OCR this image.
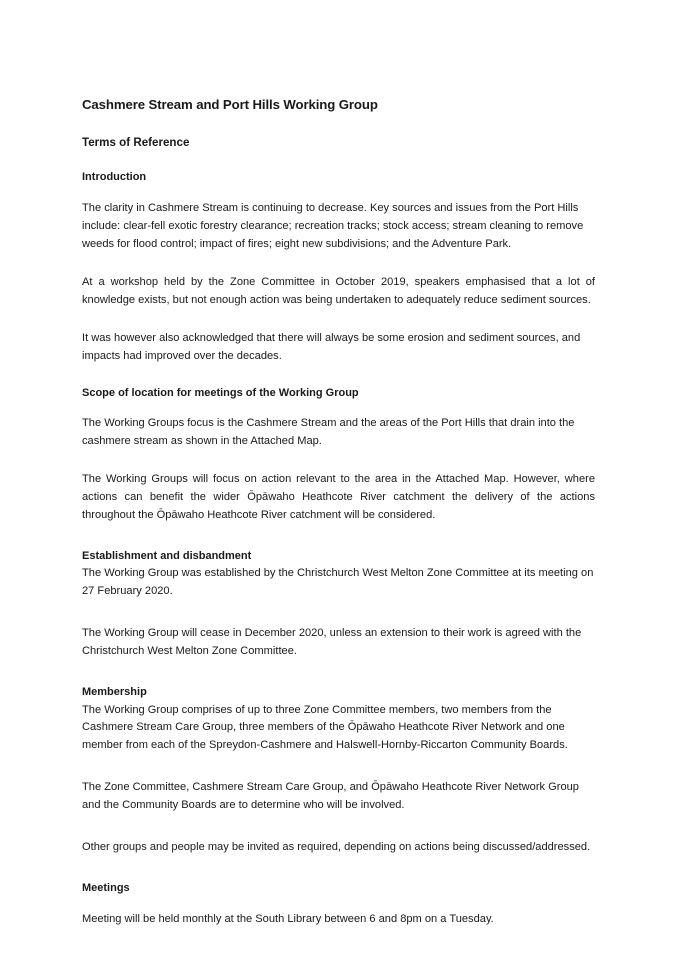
Cashmere Stream and Port Hills Working Group
Terms of Reference
Introduction

The clarity in Cashmere Stream is continuing to decrease. Key sources and issues from the Port Hills include: clear-fell exotic forestry clearance; recreation tracks; stock access; stream cleaning to remove weeds for flood control; impact of fires; eight new subdivisions; and the Adventure Park.

At a workshop held by the Zone Committee in October 2019, speakers emphasised that a lot of knowledge exists, but not enough action was being undertaken to adequately reduce sediment sources.

It was however also acknowledged that there will always be some erosion and sediment sources, and impacts had improved over the decades.

Scope of location for meetings of the Working Group

The Working Groups focus is the Cashmere Stream and the areas of the Port Hills that drain into the cashmere stream as shown in the Attached Map.

The Working Groups will focus on action relevant to the area in the Attached Map. However, where actions can benefit the wider Ōpāwaho Heathcote River catchment the delivery of the actions throughout the Ōpāwaho Heathcote River catchment will be considered.

Establishment and disbandment

The Working Group was established by the Christchurch West Melton Zone Committee at its meeting on 27 February 2020.

The Working Group will cease in December 2020, unless an extension to their work is agreed with the Christchurch West Melton Zone Committee.

Membership

The Working Group comprises of up to three Zone Committee members, two members from the Cashmere Stream Care Group, three members of the Ōpāwaho Heathcote River Network and one member from each of the Spreydon-Cashmere and Halswell-Hornby-Riccarton Community Boards.

The Zone Committee, Cashmere Stream Care Group, and Ōpāwaho Heathcote River Network Group and the Community Boards are to determine who will be involved.

Other groups and people may be invited as required, depending on actions being discussed/addressed.

Meetings

Meeting will be held monthly at the South Library between 6 and 8pm on a Tuesday.
